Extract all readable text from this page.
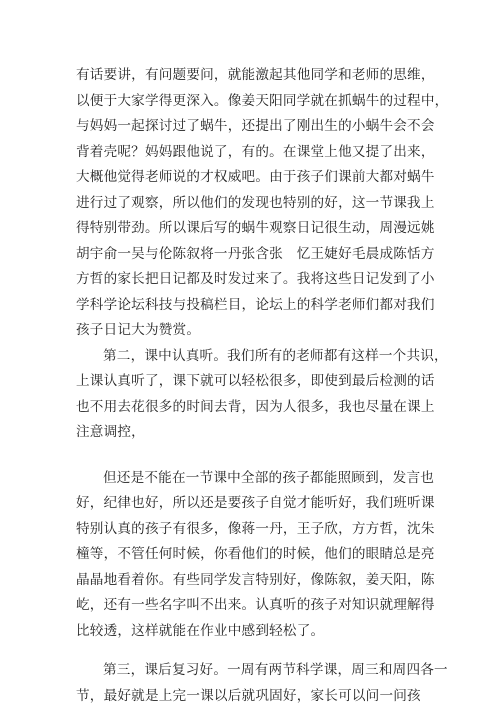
有话要讲，有问题要问，就能激起其他同学和老师的思维，
以便于大家学得更深入。像姜天阳同学就在抓蜗牛的过程中，
与妈妈一起探讨过了蜗牛，还提出了刚出生的小蜗牛会不会
背着壳呢？妈妈跟他说了，有的。在课堂上他又提了出来，
大概他觉得老师说的才权威吧。由于孩子们课前大都对蜗牛
进行过了观察，所以他们的发现也特别的好，这一节课我上
得特别带劲。所以课后写的蜗牛观察日记很生动，周漫远姚
胡宇俞一吴与伦陈叙将一丹张含张　忆王婕好毛晨成陈恬方
方哲的家长把日记都及时发过来了。我将这些日记发到了小
学科学论坛科技与投稿栏目，论坛上的科学老师们都对我们
孩子日记大为赞赏。
第二，课中认真听。我们所有的老师都有这样一个共识，
上课认真听了，课下就可以轻松很多，即使到最后检测的话
也不用去花很多的时间去背，因为人很多，我也尽量在课上
注意调控，
但还是不能在一节课中全部的孩子都能照顾到，发言也
好，纪律也好，所以还是要孩子自觉才能听好，我们班听课
特别认真的孩子有很多，像蒋一丹，王子欣，方方哲，沈朱
橦等，不管任何时候，你看他们的时候，他们的眼睛总是亮
晶晶地看着你。有些同学发言特别好，像陈叙，姜天阳，陈
屹，还有一些名字叫不出来。认真听的孩子对知识就理解得
比较透，这样就能在作业中感到轻松了。
第三，课后复习好。一周有两节科学课，周三和周四各一
节，最好就是上完一课以后就巩固好，家长可以问一问孩
